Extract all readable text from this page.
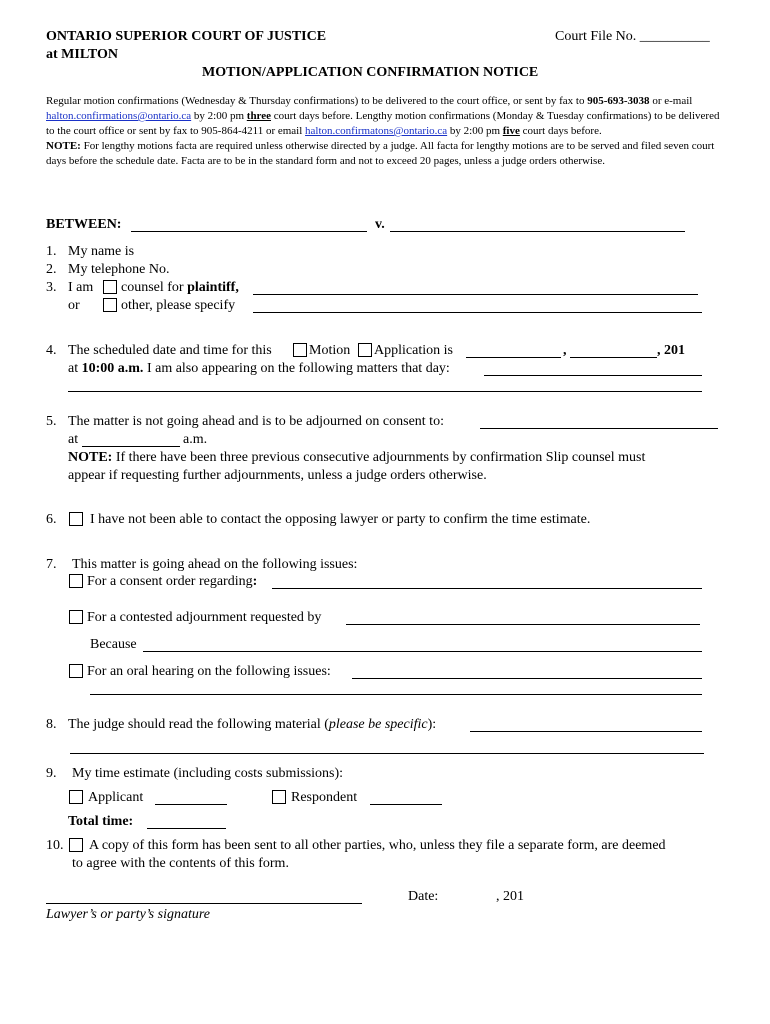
ONTARIO SUPERIOR COURT OF JUSTICE	Court File No. __________
at MILTON
MOTION/APPLICATION CONFIRMATION NOTICE
Regular motion confirmations (Wednesday & Thursday confirmations) to be delivered to the court office, or sent by fax to 905-693-3038 or e-mail halton.confirmations@ontario.ca by 2:00 pm three court days before. Lengthy motion confirmations (Monday & Tuesday confirmations) to be delivered to the court office or sent by fax to 905-864-4211 or email halton.confirmatons@ontario.ca by 2:00 pm five court days before.
NOTE: For lengthy motions facta are required unless otherwise directed by a judge. All facta for lengthy motions are to be served and filed seven court days before the schedule date. Facta are to be in the standard form and not to exceed 20 pages, unless a judge orders otherwise.
BETWEEN:	v.
1. My name is
2. My telephone No.
3. I am counsel for plaintiff,
or	other, please specify
4. The scheduled date and time for this	Motion Application is	,	, 201
at 10:00 a.m. I am also appearing on the following matters that day:
5. The matter is not going ahead and is to be adjourned on consent to:
at	a.m.
NOTE: If there have been three previous consecutive adjournments by confirmation Slip counsel must
appear if requesting further adjournments, unless a judge orders otherwise.
6. I have not been able to contact the opposing lawyer or party to confirm the time estimate.
7. This matter is going ahead on the following issues:
For a consent order regarding:
For a contested adjournment requested by
Because
For an oral hearing on the following issues:
8. The judge should read the following material (please be specific):
9. My time estimate (including costs submissions):
Applicant	Respondent
Total time:
10. A copy of this form has been sent to all other parties, who, unless they file a separate form, are deemed
to agree with the contents of this form.
Date:	, 201
Lawyer’s or party’s signature
